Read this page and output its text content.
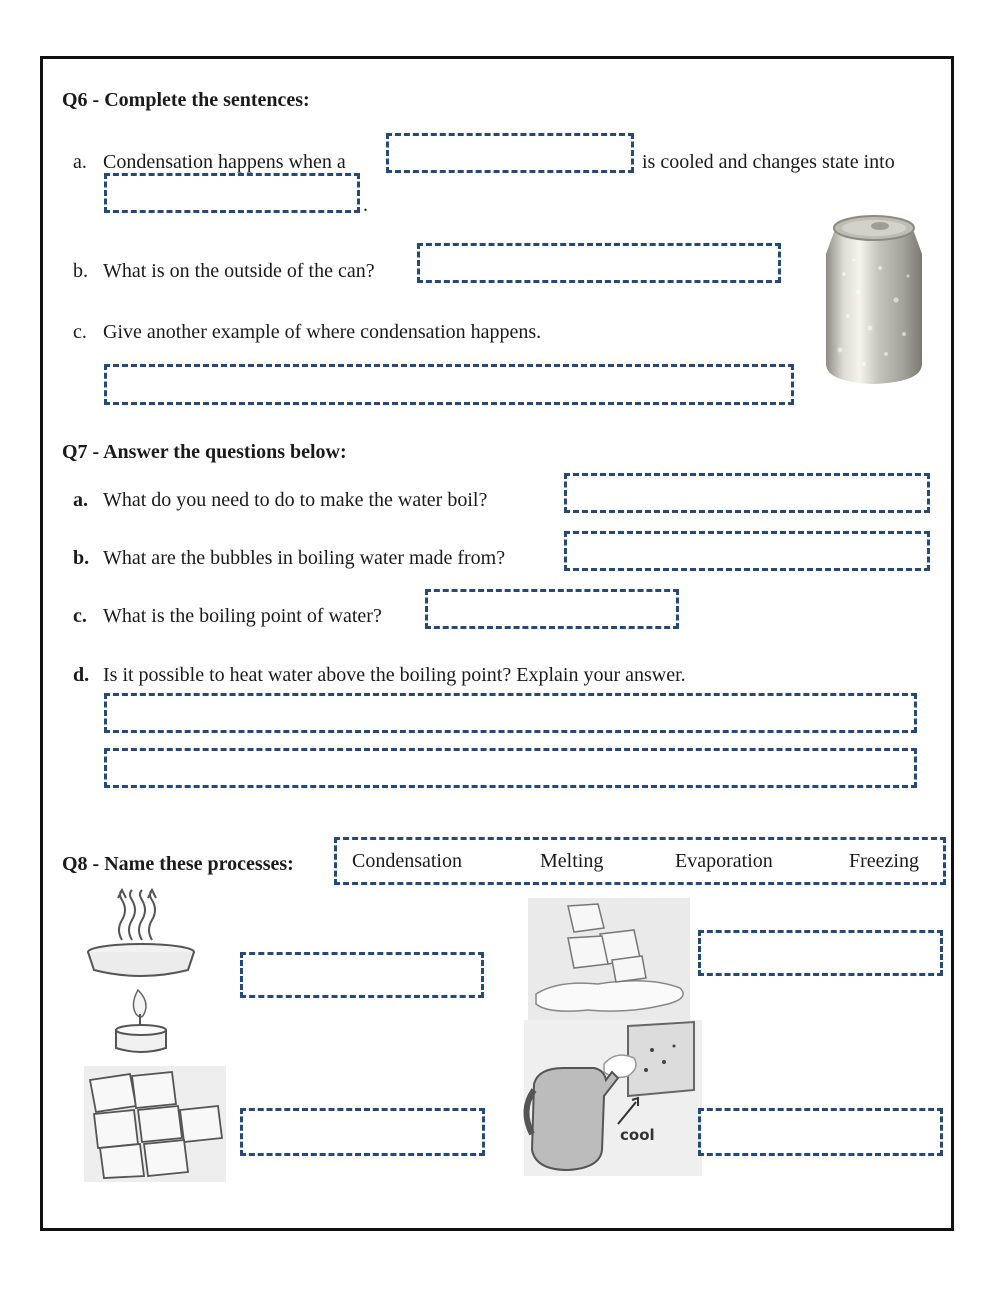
Q6 - Complete the sentences:
a. Condensation happens when a	is cooled and changes state into
.
b. What is on the outside of the can?
c. Give another example of where condensation happens.
Q7 - Answer the questions below:
a. What do you need to do to make the water boil?
b. What are the bubbles in boiling water made from?
c. What is the boiling point of water?
d. Is it possible to heat water above the boiling point? Explain your answer.
Q8 - Name these processes:	Condensation	Melting	Evaporation	Freezing
cool
